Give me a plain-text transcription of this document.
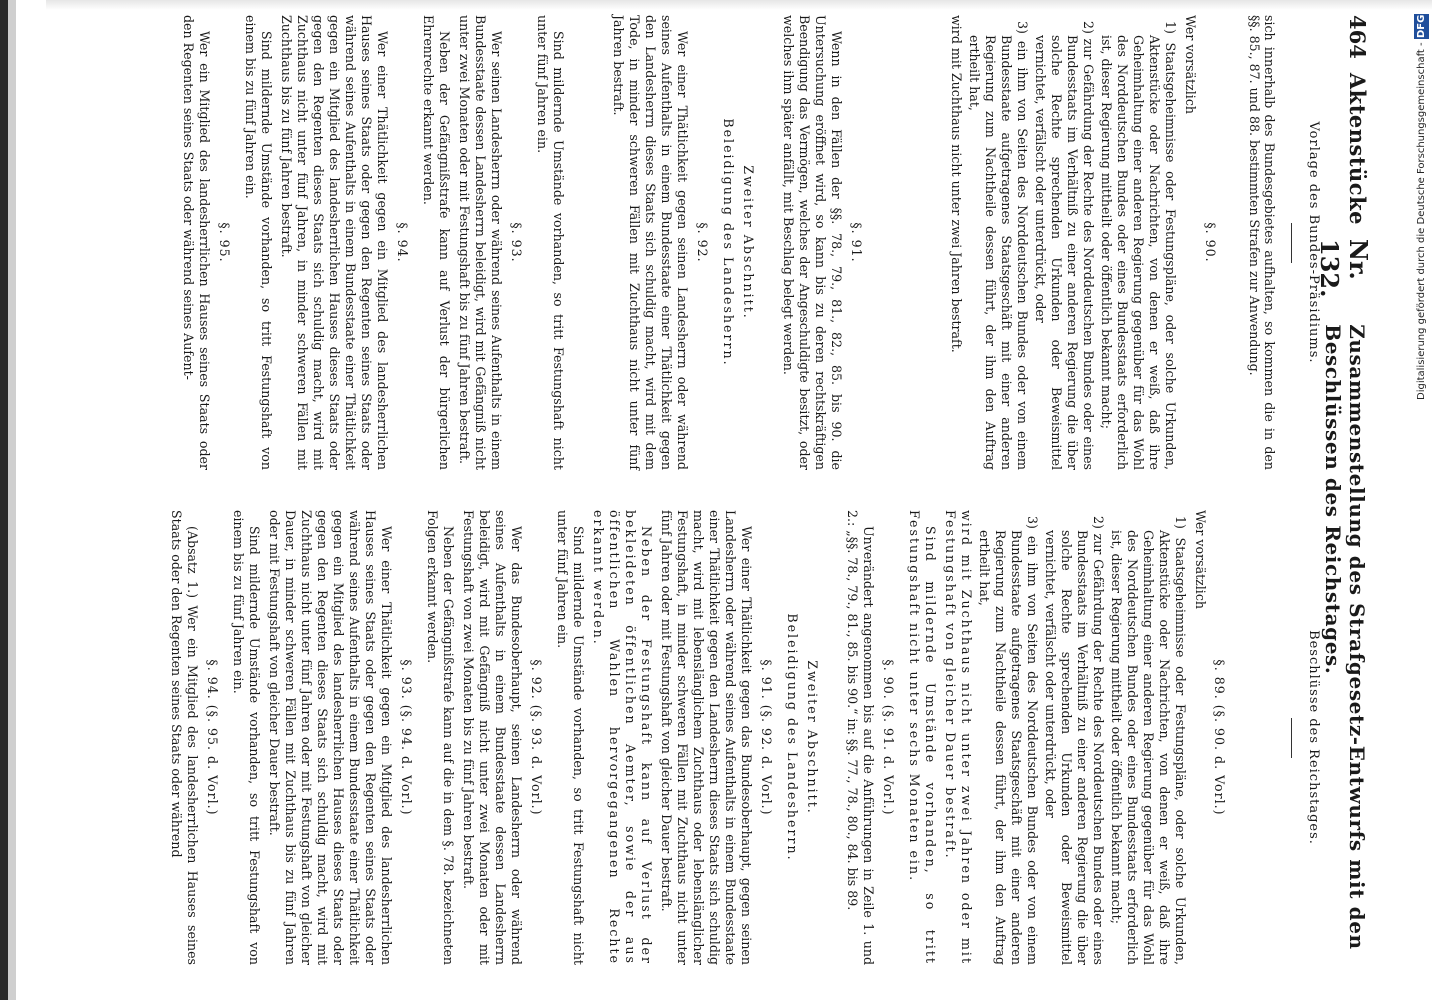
464
Aktenstücke
Nr. 132.
Zusammenstellung des Strafgesetz-Entwurfs mit den Beschlüssen des Reichstages.
Vorlage des Bundes-Präsidiums.

sich innerhalb des Bundesgebietes aufhalten, so kommen die in den §§. 85., 87. und 88. bestimmten Strafen zur Anwendung.

§. 90.

Wer vorsätzlich

1) Staatsgeheimnisse oder Festungspläne, oder solche Urkunden, Aktenstücke oder Nachrichten, von denen er weiß, daß ihre Geheimhaltung einer anderen Regierung gegenüber für das Wohl des Norddeutschen Bundes oder eines Bundesstaats erforderlich ist, dieser Regierung mittheilt oder öffentlich bekannt macht;

2) zur Gefährdung der Rechte des Norddeutschen Bundes oder eines Bundesstaats im Verhältniß zu einer anderen Regierung die über solche Rechte sprechenden Urkunden oder Beweismittel vernichtet, verfälscht oder unterdrückt, oder

3) ein ihm von Seiten des Norddeutschen Bundes oder von einem Bundesstaate aufgetragenes Staatsgeschäft mit einer anderen Regierung zum Nachtheile dessen führt, der ihm den Auftrag ertheilt hat,

wird mit Zuchthaus nicht unter zwei Jahren bestraft.

§. 91.

Wenn in den Fällen der §§. 78., 79., 81., 82., 85. bis 90. die Untersuchung eröffnet wird, so kann bis zu deren rechtskräftigen Beendigung das Vermögen, welches der Angeschuldigte besitzt, oder welches ihm später anfällt, mit Beschlag belegt werden.

Zweiter Abschnitt.
Beleidigung des Landesherrn.
§. 92.

Wer einer Thätlichkeit gegen seinen Landesherrn oder während seines Aufenthalts in einem Bundesstaate einer Thätlichkeit gegen den Landesherrn dieses Staats sich schuldig macht, wird mit dem Tode, in minder schweren Fällen mit Zuchthaus nicht unter fünf Jahren bestraft.

Sind mildernde Umstände vorhanden, so tritt Festungshaft nicht unter fünf Jahren ein.

§. 93.

Wer seinen Landesherrn oder während seines Aufenthalts in einem Bundesstaate dessen Landesherrn beleidigt, wird mit Gefängniß nicht unter zwei Monaten oder mit Festungshaft bis zu fünf Jahren bestraft.

Neben der Gefängnißstrafe kann auf Verlust der bürgerlichen Ehrenrechte erkannt werden.

§. 94.

Wer einer Thätlichkeit gegen ein Mitglied des landesherrlichen Hauses seines Staats oder gegen den Regenten seines Staats oder während seines Aufenthalts in einem Bundesstaate einer Thätlichkeit gegen ein Mitglied des landesherrlichen Hauses dieses Staats oder gegen den Regenten dieses Staats sich schuldig macht, wird mit Zuchthaus nicht unter fünf Jahren, in minder schweren Fällen mit Zuchthaus bis zu fünf Jahren bestraft.

Sind mildernde Umstände vorhanden, so tritt Festungshaft von einem bis zu fünf Jahren ein.

§. 95.

Wer ein Mitglied des landesherrlichen Hauses seines Staats oder den Regenten seines Staats oder während seines Aufent-

Beschlüsse des Reichstages.
§. 89. (§. 90. d. Vorl.)

Wer vorsätzlich

1) Staatsgeheimnisse oder Festungspläne, oder solche Urkunden, Aktenstücke oder Nachrichten, von denen er weiß, daß ihre Geheimhaltung einer anderen Regierung gegenüber für das Wohl des Norddeutschen Bundes oder eines Bundesstaats erforderlich ist, dieser Regierung mittheilt oder öffentlich bekannt macht;

2) zur Gefährdung der Rechte des Norddeutschen Bundes oder eines Bundesstaats im Verhältniß zu einer anderen Regierung die über solche Rechte sprechenden Urkunden oder Beweismittel vernichtet, verfälscht oder unterdrückt, oder

3) ein ihm von Seiten des Norddeutschen Bundes oder von einem Bundesstaate aufgetragenes Staatsgeschäft mit einer anderen Regierung zum Nachtheile dessen führt, der ihm den Auftrag ertheilt hat,

wird mit Zuchthaus nicht unter zwei Jahren oder mit Festungshaft von gleicher Dauer bestraft.

Sind mildernde Umstände vorhanden, so tritt Festungshaft nicht unter sechs Monaten ein.

§. 90. (§. 91. d. Vorl.)

Unverändert angenommen bis auf die Anführungen in Zeile 1. und 2.: „§§. 78., 79., 81., 85. bis 90.“ in: §§. 77., 78., 80., 84. bis 89.

Zweiter Abschnitt.
Beleidigung des Landesherrn.
§. 91. (§. 92. d. Vorl.)

Wer einer Thätlichkeit gegen das Bundesoberhaupt, gegen seinen Landesherrn oder während seines Aufenthalts in einem Bundesstaate einer Thätlichkeit gegen den Landesherrn dieses Staats sich schuldig macht, wird mit lebenslänglichem Zuchthaus oder lebenslänglicher Festungshaft, in minder schweren Fällen mit Zuchthaus nicht unter fünf Jahren oder mit Festungshaft von gleicher Dauer bestraft.

Neben der Festungshaft kann auf Verlust der bekleideten öffentlichen Aemter, sowie der aus öffentlichen Wahlen hervorgegangenen Rechte erkannt werden.

Sind mildernde Umstände vorhanden, so tritt Festungshaft nicht unter fünf Jahren ein.

§. 92. (§. 93. d. Vorl.)

Wer das Bundesoberhaupt, seinen Landesherrn oder während seines Aufenthalts in einem Bundesstaate dessen Landesherrn beleidigt, wird mit Gefängniß nicht unter zwei Monaten oder mit Festungshaft von zwei Monaten bis zu fünf Jahren bestraft.

Neben der Gefängnißstrafe kann auf die in dem §. 78. bezeichneten Folgen erkannt werden.

§. 93. (§. 94. d. Vorl.)

Wer einer Thätlichkeit gegen ein Mitglied des landesherrlichen Hauses seines Staats oder gegen den Regenten seines Staats oder während seines Aufenthalts in einem Bundesstaate einer Thätlichkeit gegen ein Mitglied des landesherrlichen Hauses dieses Staats oder gegen den Regenten dieses Staats sich schuldig macht, wird mit Zuchthaus nicht unter fünf Jahren oder mit Festungshaft von gleicher Dauer, in minder schweren Fällen mit Zuchthaus bis zu fünf Jahren oder mit Festungshaft von gleicher Dauer bestraft.

Sind mildernde Umstände vorhanden, so tritt Festungshaft von einem bis zu fünf Jahren ein.

§. 94. (§. 95. d. Vorl.)

(Absatz 1.) Wer ein Mitglied des landesherrlichen Hauses seines Staats oder den Regenten seines Staats oder während

Digitalisierung gefördert durch die Deutsche Forschungsgemeinschaft - DFG
